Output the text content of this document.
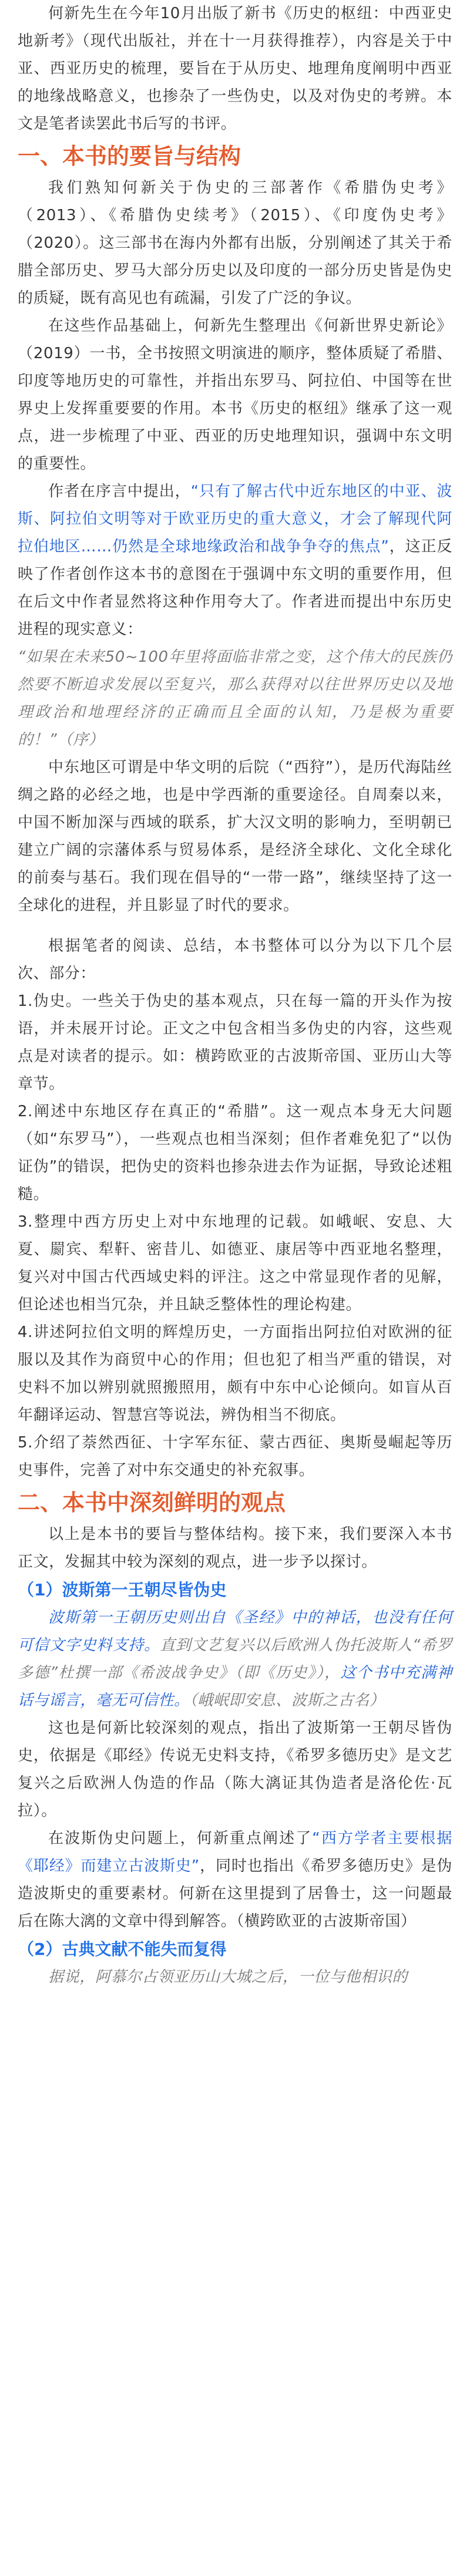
何新先生在今年10月出版了新书《历史的枢纽：中西亚史地新考》（现代出版社，并在十一月获得推荐），内容是关于中亚、西亚历史的梳理，要旨在于从历史、地理角度阐明中西亚的地缘战略意义，也掺杂了一些伪史，以及对伪史的考辨。本文是笔者读罢此书后写的书评。

一、本书的要旨与结构

我们熟知何新关于伪史的三部著作《希腊伪史考》（2013）、《希腊伪史续考》（2015）、《印度伪史考》（2020）。这三部书在海内外都有出版，分别阐述了其关于希腊全部历史、罗马大部分历史以及印度的一部分历史皆是伪史的质疑，既有高见也有疏漏，引发了广泛的争议。

在这些作品基础上，何新先生整理出《何新世界史新论》（2019）一书，全书按照文明演进的顺序，整体质疑了希腊、印度等地历史的可靠性，并指出东罗马、阿拉伯、中国等在世界史上发挥重要要的作用。本书《历史的枢纽》继承了这一观点，进一步梳理了中亚、西亚的历史地理知识，强调中东文明的重要性。

作者在序言中提出，“只有了解古代中近东地区的中亚、波斯、阿拉伯文明等对于欧亚历史的重大意义，才会了解现代阿拉伯地区……仍然是全球地缘政治和战争争夺的焦点”，这正反映了作者创作这本书的意图在于强调中东文明的重要作用，但在后文中作者显然将这种作用夸大了。作者进而提出中东历史进程的现实意义：

“如果在未来50~100年里将面临非常之变，这个伟大的民族仍然要不断追求发展以至复兴，那么获得对以往世界历史以及地理政治和地理经济的正确而且全面的认知，乃是极为重要的！”（序）

中东地区可谓是中华文明的后院（“西狩”），是历代海陆丝绸之路的必经之地，也是中学西渐的重要途径。自周秦以来，中国不断加深与西域的联系，扩大汉文明的影响力，至明朝已建立广阔的宗藩体系与贸易体系，是经济全球化、文化全球化的前奏与基石。我们现在倡导的“一带一路”，继续坚持了这一全球化的进程，并且影显了时代的要求。

根据笔者的阅读、总结，本书整体可以分为以下几个层次、部分：

1.伪史。一些关于伪史的基本观点，只在每一篇的开头作为按语，并未展开讨论。正文之中包含相当多伪史的内容，这些观点是对读者的提示。如：横跨欧亚的古波斯帝国、亚历山大等章节。

2.阐述中东地区存在真正的“希腊”。这一观点本身无大问题（如“东罗马”），一些观点也相当深刻；但作者难免犯了“以伪证伪”的错误，把伪史的资料也掺杂进去作为证据，导致论述粗糙。

3.整理中西方历史上对中东地理的记载。如峨岷、安息、大夏、罽宾、犁靬、密昔儿、如德亚、康居等中西亚地名整理，复兴对中国古代西域史料的评注。这之中常显现作者的见解，但论述也相当冗杂，并且缺乏整体性的理论构建。

4.讲述阿拉伯文明的辉煌历史，一方面指出阿拉伯对欧洲的征服以及其作为商贸中心的作用；但也犯了相当严重的错误，对史料不加以辨别就照搬照用，颇有中东中心论倾向。如盲从百年翻译运动、智慧宫等说法，辨伪相当不彻底。

5.介绍了萘然西征、十字军东征、蒙古西征、奥斯曼崛起等历史事件，完善了对中东交通史的补充叙事。

二、本书中深刻鲜明的观点

以上是本书的要旨与整体结构。接下来，我们要深入本书正文，发掘其中较为深刻的观点，进一步予以探讨。

（1）波斯第一王朝尽皆伪史

波斯第一王朝历史则出自《圣经》中的神话，也没有任何可信文字史料支持。直到文艺复兴以后欧洲人伪托波斯人“希罗多德”杜撰一部《希波战争史》（即《历史》），这个书中充满神话与谣言，毫无可信性。（峨岷即安息、波斯之古名）

这也是何新比较深刻的观点，指出了波斯第一王朝尽皆伪史，依据是《耶经》传说无史料支持，《希罗多德历史》是文艺复兴之后欧洲人伪造的作品（陈大漓证其伪造者是洛伦佐·瓦拉）。

在波斯伪史问题上，何新重点阐述了“西方学者主要根据《耶经》而建立古波斯史”，同时也指出《希罗多德历史》是伪造波斯史的重要素材。何新在这里提到了居鲁士，这一问题最后在陈大漓的文章中得到解答。（横跨欧亚的古波斯帝国）

（2）古典文献不能失而复得

据说，阿慕尔占领亚历山大城之后，一位与他相识的
